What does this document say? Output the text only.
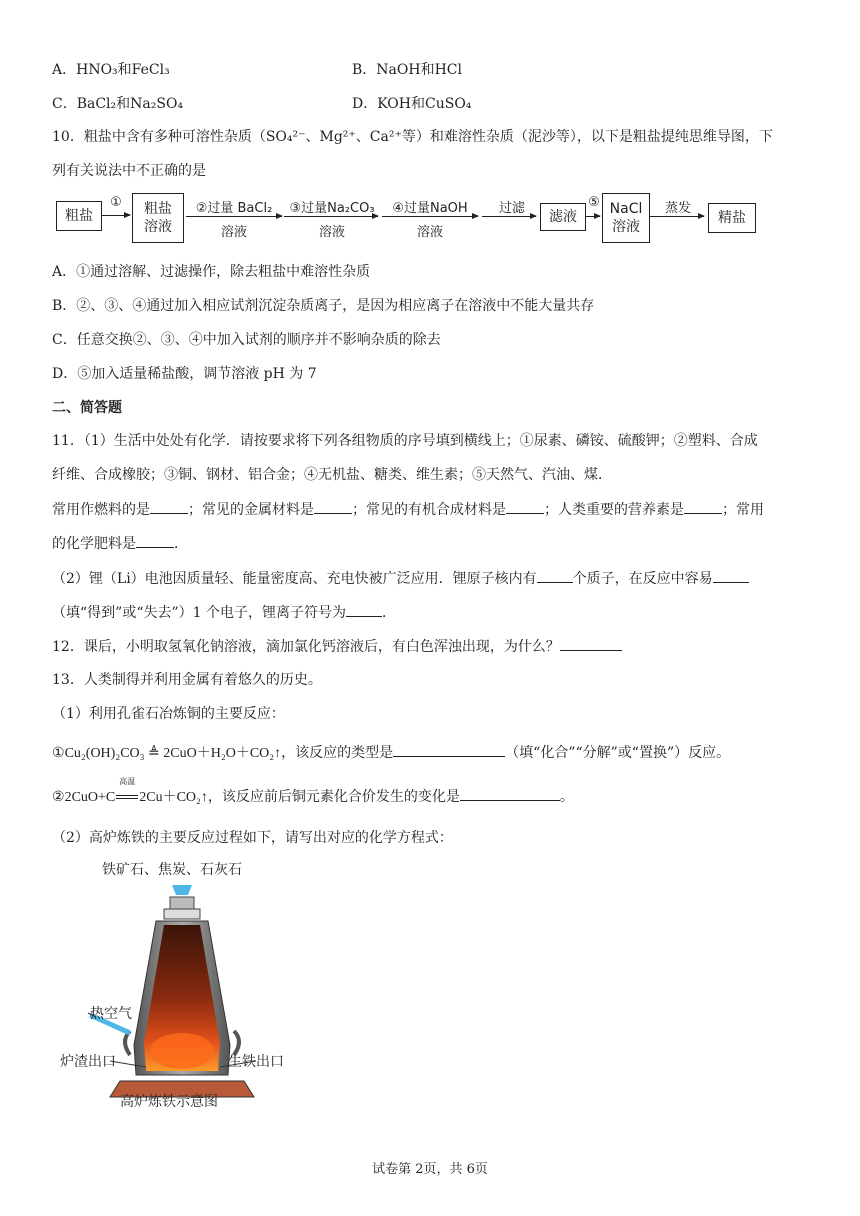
A．HNO₃和FeCl₃	B．NaOH和HCl
C．BaCl₂和Na₂SO₄	D．KOH和CuSO₄
10．粗盐中含有多种可溶性杂质（SO₄²⁻、Mg²⁺、Ca²⁺等）和难溶性杂质（泥沙等），以下是粗盐提纯思维导图，下
列有关说法中不正确的是
粗盐
① 粗盐
溶液
②过量 BaCl₂
溶液
③过量Na₂CO₃
溶液
④过量NaOH
溶液
过滤
滤液
⑤ NaCl
溶液
蒸发
精盐
A．①通过溶解、过滤操作，除去粗盐中难溶性杂质
B．②、③、④通过加入相应试剂沉淀杂质离子，是因为相应离子在溶液中不能大量共存
C．任意交换②、③、④中加入试剂的顺序并不影响杂质的除去
D．⑤加入适量稀盐酸，调节溶液 pH 为 7
二、简答题
11．（1）生活中处处有化学．请按要求将下列各组物质的序号填到横线上；①尿素、磷铵、硫酸钾；②塑料、合成
纤维、合成橡胶；③铜、钢材、铝合金；④无机盐、糖类、维生素；⑤天然气、汽油、煤．
常用作燃料的是	；常见的金属材料是	；常见的有机合成材料是	；人类重要的营养素是	；常用
的化学肥料是	．
（2）锂（Li）电池因质量轻、能量密度高、充电快被广泛应用．锂原子核内有	个质子，在反应中容易
（填“得到”或“失去”）1 个电子，锂离子符号为	．
12．课后，小明取氢氧化钠溶液，滴加氯化钙溶液后，有白色浑浊出现，为什么？
13．人类制得并利用金属有着悠久的历史。
（1）利用孔雀石冶炼铜的主要反应：
①Cu₂(OH)₂CO₃ ≜ 2CuO＋H₂O＋CO₂↑，该反应的类型是	（填“化合”“分解”或“置换”）反应。
②2CuO+C
高温
2Cu＋CO₂↑，该反应前后铜元素化合价发生的变化是	。
（2）高炉炼铁的主要反应过程如下，请写出对应的化学方程式：
铁矿石、焦炭、石灰石
热空气
炉渣出口	生铁出口
高炉炼铁示意图
试卷第 2页，共 6页
